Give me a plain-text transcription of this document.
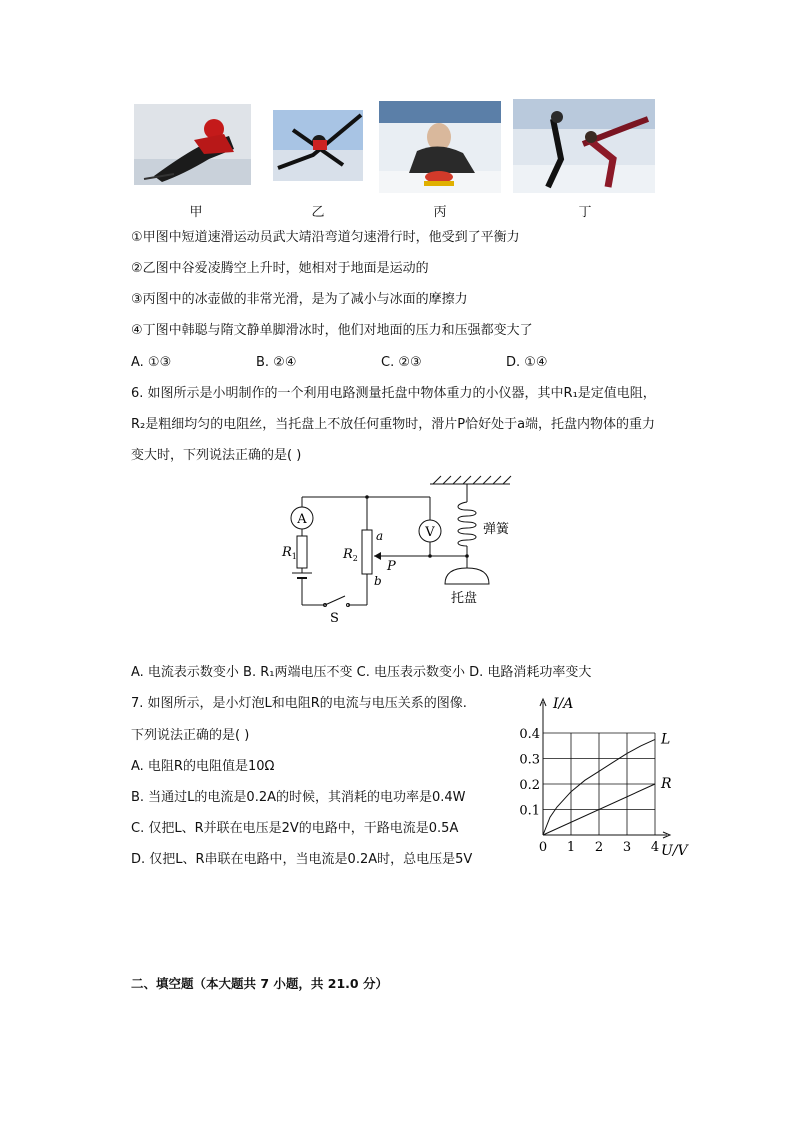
甲	乙	丙	丁
①甲图中短道速滑运动员武大靖沿弯道匀速滑行时，他受到了平衡力
②乙图中谷爱凌腾空上升时，她相对于地面是运动的
③丙图中的冰壶做的非常光滑，是为了减小与冰面的摩擦力
④丁图中韩聪与隋文静单脚滑冰时，他们对地面的压力和压强都变大了
A. ①③	B. ②④	C. ②③	D. ①④
6. 如图所示是小明制作的一个利用电路测量托盘中物体重力的小仪器，其中R₁是定值电阻，
R₂是粗细均匀的电阻丝，当托盘上不放任何重物时，滑片P恰好处于a端，托盘内物体的重力
变大时，下列说法正确的是( )
A
V
$R_1$	$R_2$
a
b
P
S
弹簧
托盘
A. 电流表示数变小 B. R₁两端电压不变 C. 电压表示数变小 D. 电路消耗功率变大
7. 如图所示，是小灯泡L和电阻R的电流与电压关系的图像.
下列说法正确的是( )
A. 电阻R的电阻值是10Ω
B. 当通过L的电流是0.2A的时候，其消耗的电功率是0.4W
C. 仅把L、R并联在电压是2V的电路中，干路电流是0.5A
D. 仅把L、R串联在电路中，当电流是0.2A时，总电压是5V
0 1 2 3 4
0.1
0.2
0.3
0.4
I/A
U/V
L
R
二、填空题（本大题共 7 小题，共 21.0 分）
